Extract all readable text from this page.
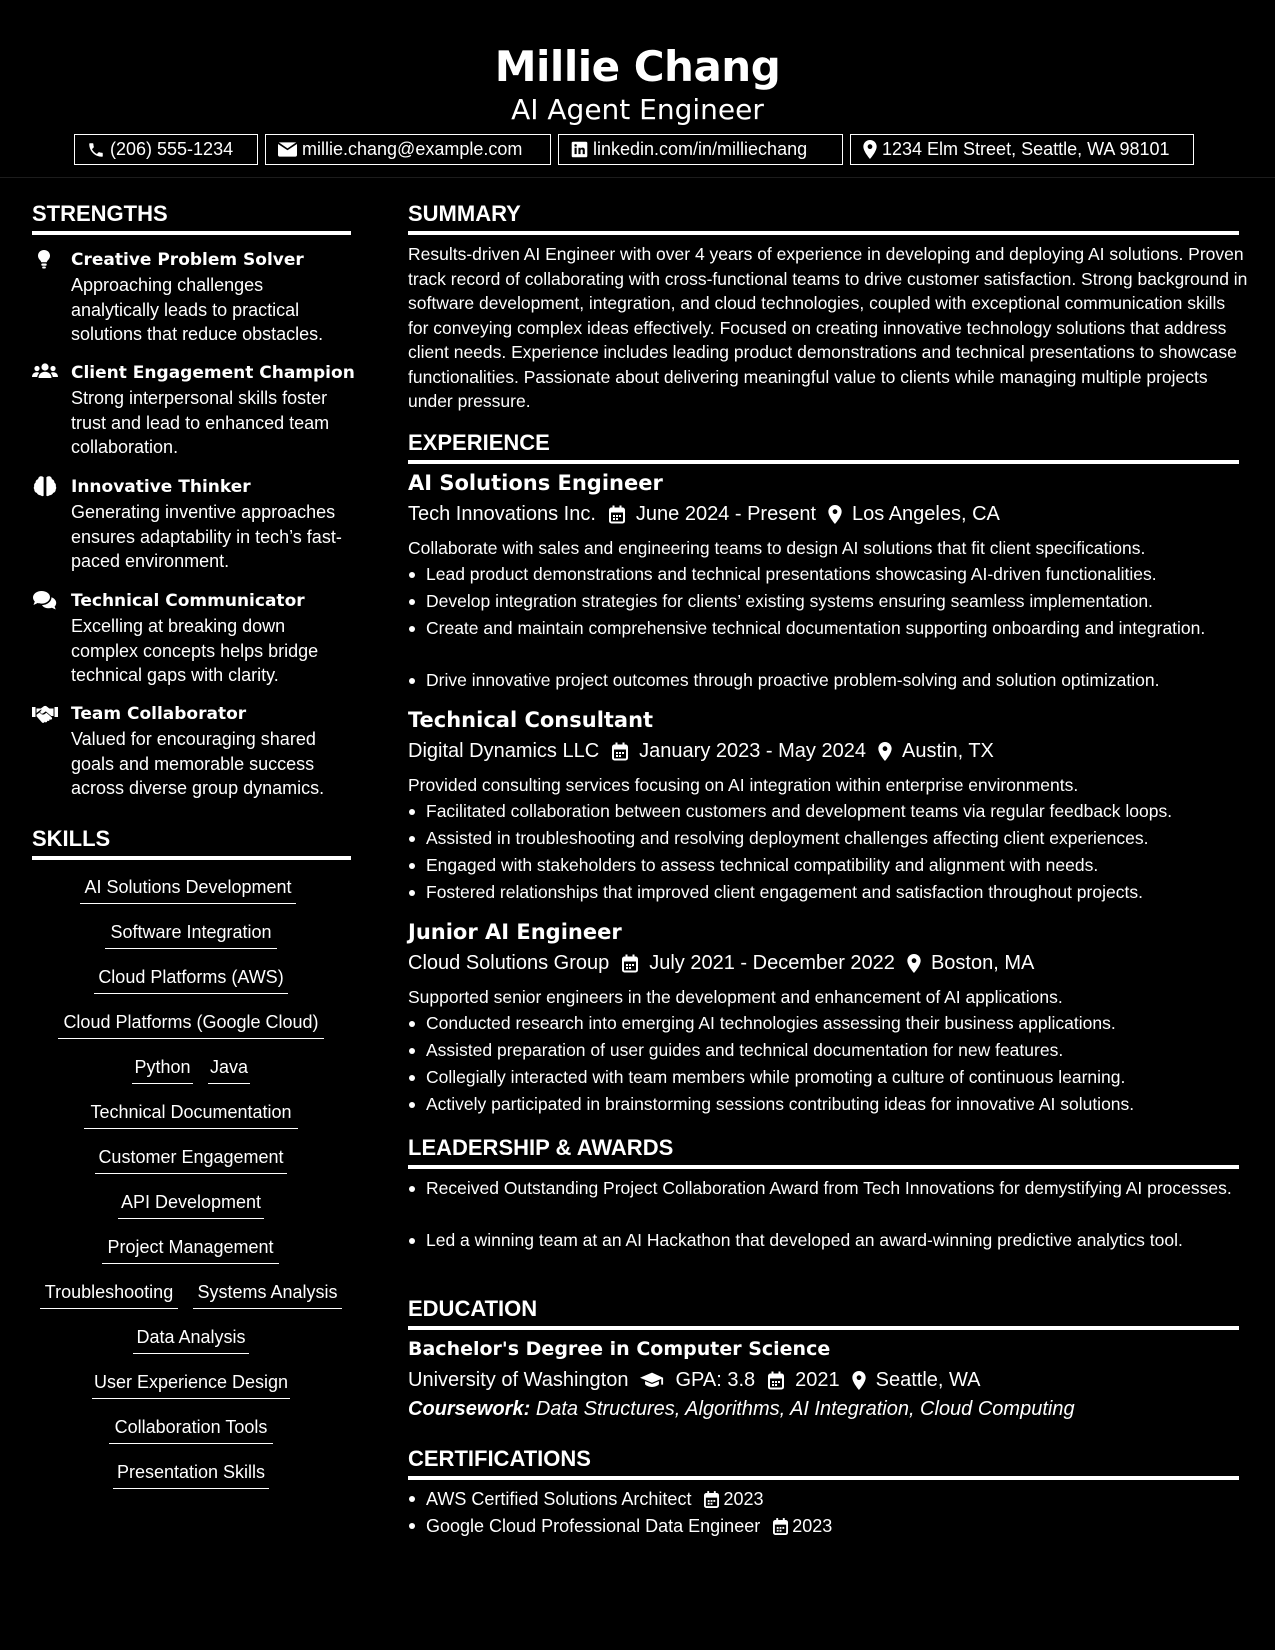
Millie Chang
AI Agent Engineer
(206) 555-1234	millie.chang@example.com	linkedin.com/in/milliechang	1234 Elm Street, Seattle, WA 98101
STRENGTHS
Creative Problem Solver
Approaching challenges analytically leads to practical solutions that reduce obstacles.
Client Engagement Champion
Strong interpersonal skills foster trust and lead to enhanced team collaboration.
Innovative Thinker
Generating inventive approaches ensures adaptability in tech’s fast-paced environment.
Technical Communicator
Excelling at breaking down complex concepts helps bridge technical gaps with clarity.
Team Collaborator
Valued for encouraging shared goals and memorable success across diverse group dynamics.
SKILLS
AI Solutions Development
Software Integration
Cloud Platforms (AWS)
Cloud Platforms (Google Cloud)
Python Java
Technical Documentation
Customer Engagement
API Development
Project Management
Troubleshooting Systems Analysis
Data Analysis
User Experience Design
Collaboration Tools
Presentation Skills
SUMMARY
Results-driven AI Engineer with over 4 years of experience in developing and deploying AI solutions. Proven track record of collaborating with cross-functional teams to drive customer satisfaction. Strong background in software development, integration, and cloud technologies, coupled with exceptional communication skills for conveying complex ideas effectively. Focused on creating innovative technology solutions that address client needs. Experience includes leading product demonstrations and technical presentations to showcase functionalities. Passionate about delivering meaningful value to clients while managing multiple projects under pressure.
EXPERIENCE
AI Solutions Engineer
Tech Innovations Inc. June 2024 - Present Los Angeles, CA
Collaborate with sales and engineering teams to design AI solutions that fit client specifications.
Lead product demonstrations and technical presentations showcasing AI-driven functionalities.
Develop integration strategies for clients’ existing systems ensuring seamless implementation.
Create and maintain comprehensive technical documentation supporting onboarding and integration.
Drive innovative project outcomes through proactive problem-solving and solution optimization.
Technical Consultant
Digital Dynamics LLC January 2023 - May 2024 Austin, TX
Provided consulting services focusing on AI integration within enterprise environments.
Facilitated collaboration between customers and development teams via regular feedback loops.
Assisted in troubleshooting and resolving deployment challenges affecting client experiences.
Engaged with stakeholders to assess technical compatibility and alignment with needs.
Fostered relationships that improved client engagement and satisfaction throughout projects.
Junior AI Engineer
Cloud Solutions Group July 2021 - December 2022 Boston, MA
Supported senior engineers in the development and enhancement of AI applications.
Conducted research into emerging AI technologies assessing their business applications.
Assisted preparation of user guides and technical documentation for new features.
Collegially interacted with team members while promoting a culture of continuous learning.
Actively participated in brainstorming sessions contributing ideas for innovative AI solutions.
LEADERSHIP & AWARDS
Received Outstanding Project Collaboration Award from Tech Innovations for demystifying AI processes.
Led a winning team at an AI Hackathon that developed an award-winning predictive analytics tool.
EDUCATION
Bachelor's Degree in Computer Science
University of Washington GPA: 3.8 2021 Seattle, WA
Coursework: Data Structures, Algorithms, AI Integration, Cloud Computing
CERTIFICATIONS
AWS Certified Solutions Architect 2023
Google Cloud Professional Data Engineer 2023
